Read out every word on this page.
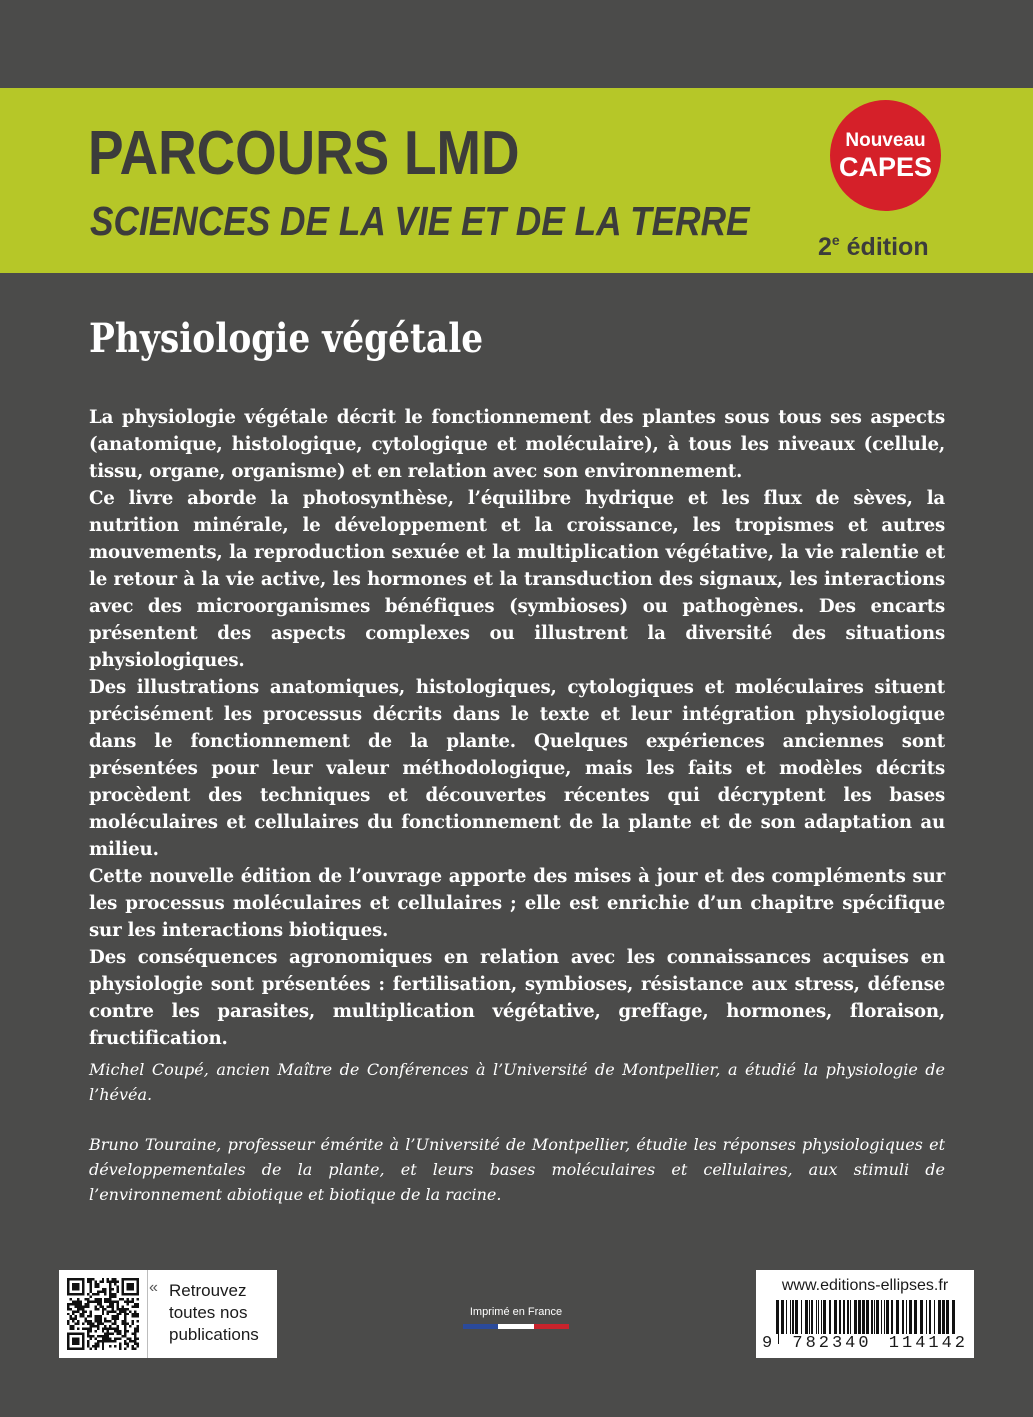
PARCOURS LMD
SCIENCES DE LA VIE ET DE LA TERRE
Nouveau
CAPES
2e édition
Physiologie végétale

La physiologie végétale décrit le fonctionnement des plantes sous tous ses aspects (anatomique, histologique, cytologique et moléculaire), à tous les niveaux (cellule, tissu, organe, organisme) et en relation avec son environnement.

Ce livre aborde la photosynthèse, l’équilibre hydrique et les flux de sèves, la nutrition minérale, le développement et la croissance, les tropismes et autres mouvements, la reproduction sexuée et la multiplication végétative, la vie ralentie et le retour à la vie active, les hormones et la transduction des signaux, les interactions avec des microorganismes bénéfiques (symbioses) ou pathogènes. Des encarts présentent des aspects complexes ou illustrent la diversité des situations physiologiques.

Des illustrations anatomiques, histologiques, cytologiques et moléculaires situent précisément les processus décrits dans le texte et leur intégration physiologique dans le fonctionnement de la plante. Quelques expériences anciennes sont présentées pour leur valeur méthodologique, mais les faits et modèles décrits procèdent des techniques et découvertes récentes qui décryptent les bases moléculaires et cellulaires du fonctionnement de la plante et de son adaptation au milieu.

Cette nouvelle édition de l’ouvrage apporte des mises à jour et des compléments sur les processus moléculaires et cellulaires ; elle est enrichie d’un chapitre spécifique sur les interactions biotiques.

Des conséquences agronomiques en relation avec les connaissances acquises en physiologie sont présentées : fertilisation, symbioses, résistance aux stress, défense contre les parasites, multiplication végétative, greffage, hormones, floraison, fructification.

Michel Coupé, ancien Maître de Conférences à l’Université de Montpellier, a étudié la physiologie de l’hévéa.

Bruno Touraine, professeur émérite à l’Université de Montpellier, étudie les réponses physiologiques et développementales de la plante, et leurs bases moléculaires et cellulaires, aux stimuli de l’environnement abiotique et biotique de la racine.

« Retrouvez toutes nos publications
Imprimé en France
www.editions-ellipses.fr
9 782340 114142
